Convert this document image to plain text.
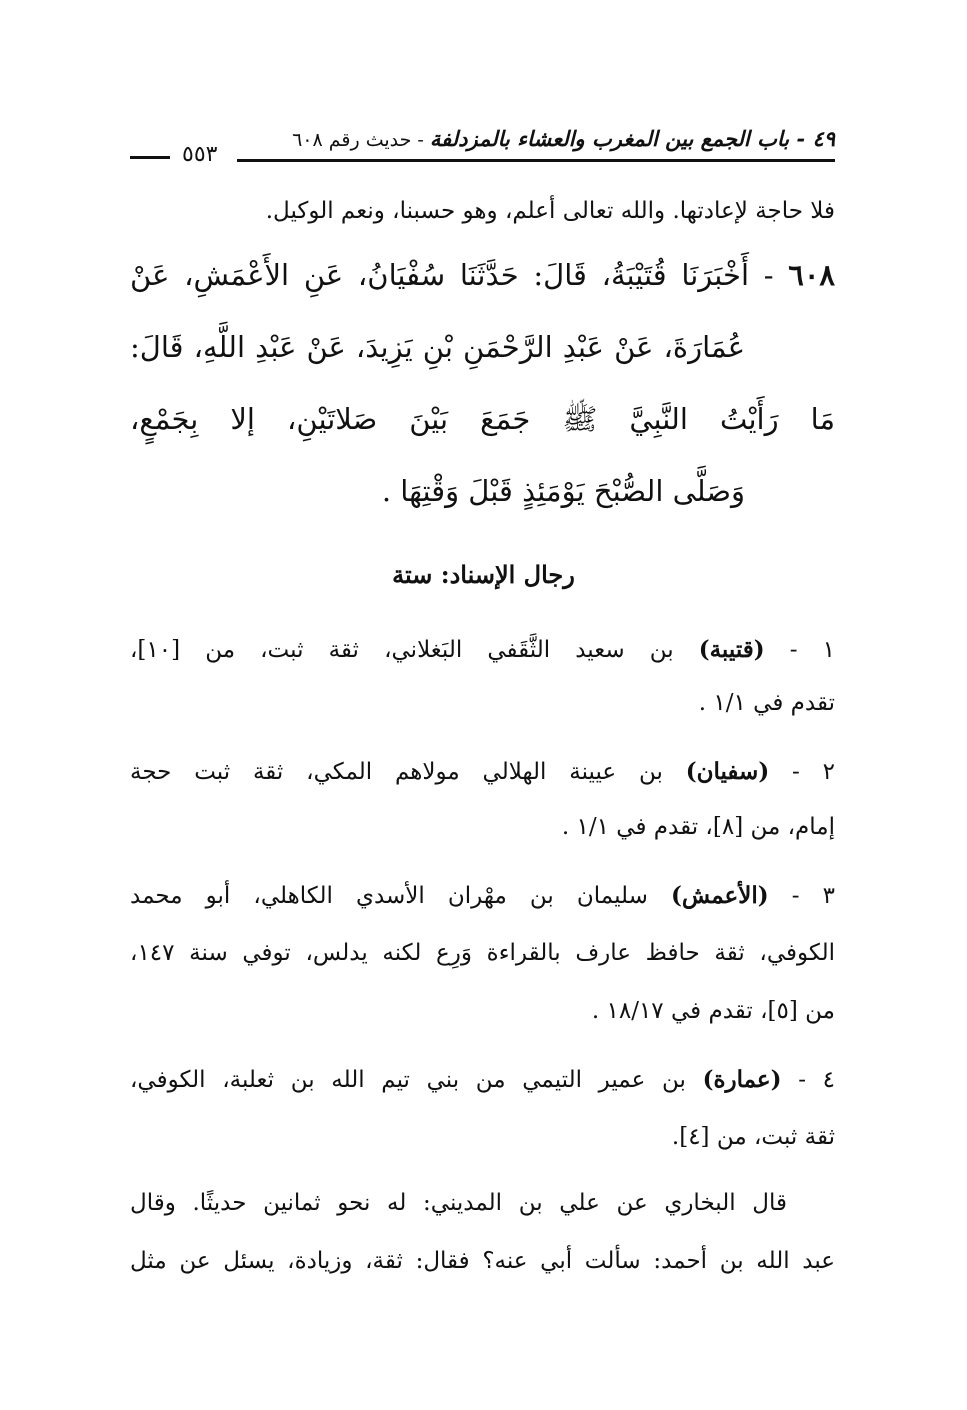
٤٩ - باب الجمع بين المغرب والعشاء بالمزدلفة - حديث رقم ٦٠٨
٥٥٣
فلا حاجة لإعادتها. والله تعالى أعلم، وهو حسبنا، ونعم الوكيل.
٦٠٨ - أَخْبَرَنَا قُتَيْبَةُ، قَالَ: حَدَّثَنَا سُفْيَانُ، عَنِ الأَعْمَشِ، عَنْ
عُمَارَةَ، عَنْ عَبْدِ الرَّحْمَنِ بْنِ يَزِيدَ، عَنْ عَبْدِ اللَّهِ، قَالَ:
مَا رَأَيْتُ النَّبِيَّ ﷺ جَمَعَ بَيْنَ صَلاتَيْنِ، إلا بِجَمْعٍ،
وَصَلَّى الصُّبْحَ يَوْمَئِذٍ قَبْلَ وَقْتِهَا .
رجال الإسناد: ستة
١ - (قتيبة) بن سعيد الثَّقَفي البَغلاني، ثقة ثبت، من [١٠]،
تقدم في ١/١ .
٢ - (سفيان) بن عيينة الهلالي مولاهم المكي، ثقة ثبت حجة
إمام، من [٨]، تقدم في ١/١ .
٣ - (الأعمش) سليمان بن مهْران الأسدي الكاهلي، أبو محمد
الكوفي، ثقة حافظ عارف بالقراءة وَرِع لكنه يدلس، توفي سنة ١٤٧،
من [٥]، تقدم في ١٨/١٧ .
٤ - (عمارة) بن عمير التيمي من بني تيم الله بن ثعلبة، الكوفي،
ثقة ثبت، من [٤].
قال البخاري عن علي بن المديني: له نحو ثمانين حديثًا. وقال
عبد الله بن أحمد: سألت أبي عنه؟ فقال: ثقة، وزيادة، يسئل عن مثل
